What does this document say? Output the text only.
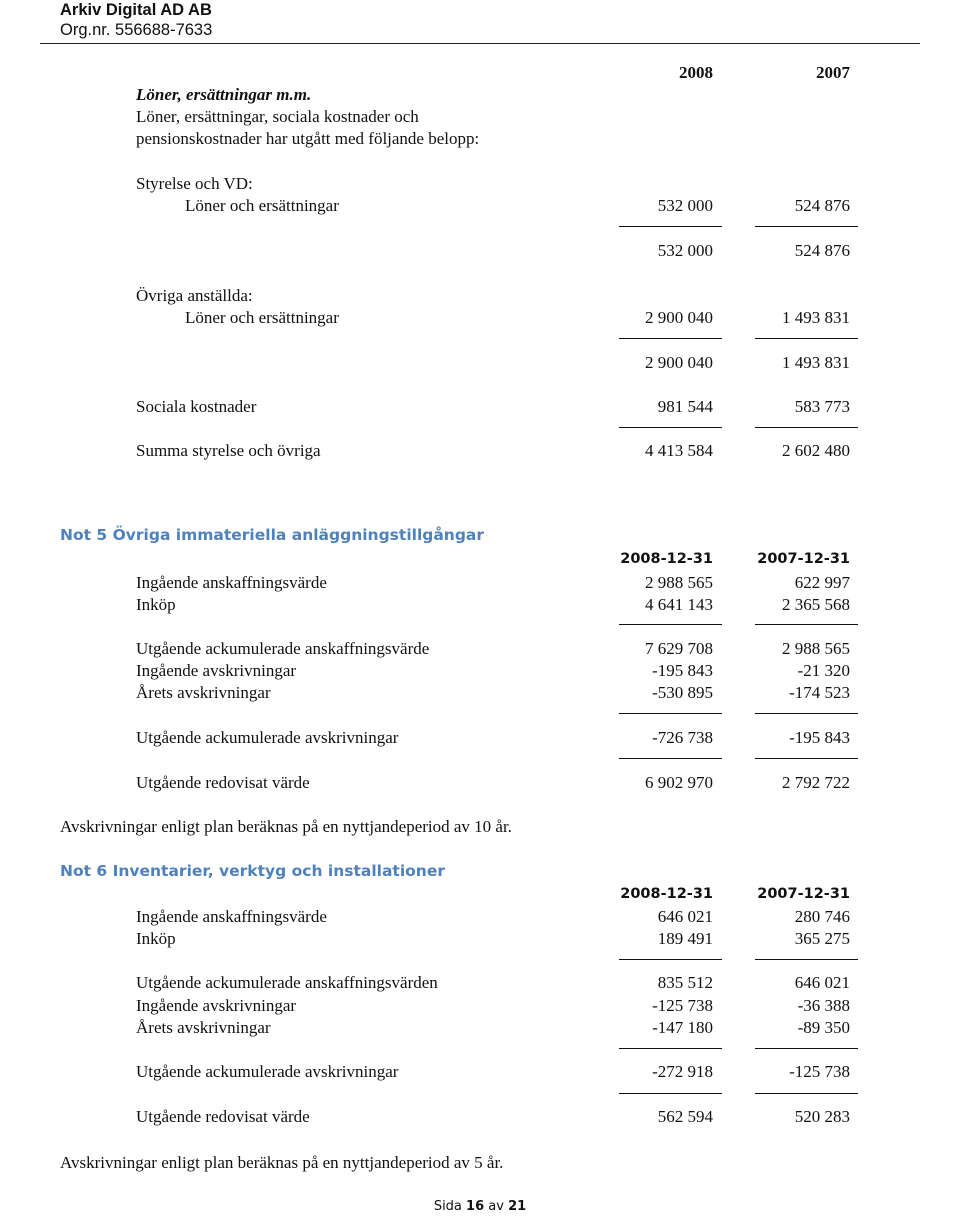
Arkiv Digital AD AB
Org.nr. 556688-7633
2008	2007
Löner, ersättningar m.m.
Löner, ersättningar, sociala kostnader och
pensionskostnader har utgått med följande belopp:
Styrelse och VD:
Löner och ersättningar	532 000	524 876
532 000	524 876
Övriga anställda:
Löner och ersättningar	2 900 040	1 493 831
2 900 040	1 493 831
Sociala kostnader	981 544	583 773
Summa styrelse och övriga	4 413 584	2 602 480
Not 5 Övriga immateriella anläggningstillgångar
2008-12-31	2007-12-31
Ingående anskaffningsvärde	2 988 565	622 997
Inköp	4 641 143	2 365 568
Utgående ackumulerade anskaffningsvärde	7 629 708	2 988 565
Ingående avskrivningar	-195 843	-21 320
Årets avskrivningar	-530 895	-174 523
Utgående ackumulerade avskrivningar	-726 738	-195 843
Utgående redovisat värde	6 902 970	2 792 722
Avskrivningar enligt plan beräknas på en nyttjandeperiod av 10 år.
Not 6 Inventarier, verktyg och installationer
2008-12-31	2007-12-31
Ingående anskaffningsvärde	646 021	280 746
Inköp	189 491	365 275
Utgående ackumulerade anskaffningsvärden	835 512	646 021
Ingående avskrivningar	-125 738	-36 388
Årets avskrivningar	-147 180	-89 350
Utgående ackumulerade avskrivningar	-272 918	-125 738
Utgående redovisat värde	562 594	520 283
Avskrivningar enligt plan beräknas på en nyttjandeperiod av 5 år.
Sida 16 av 21
